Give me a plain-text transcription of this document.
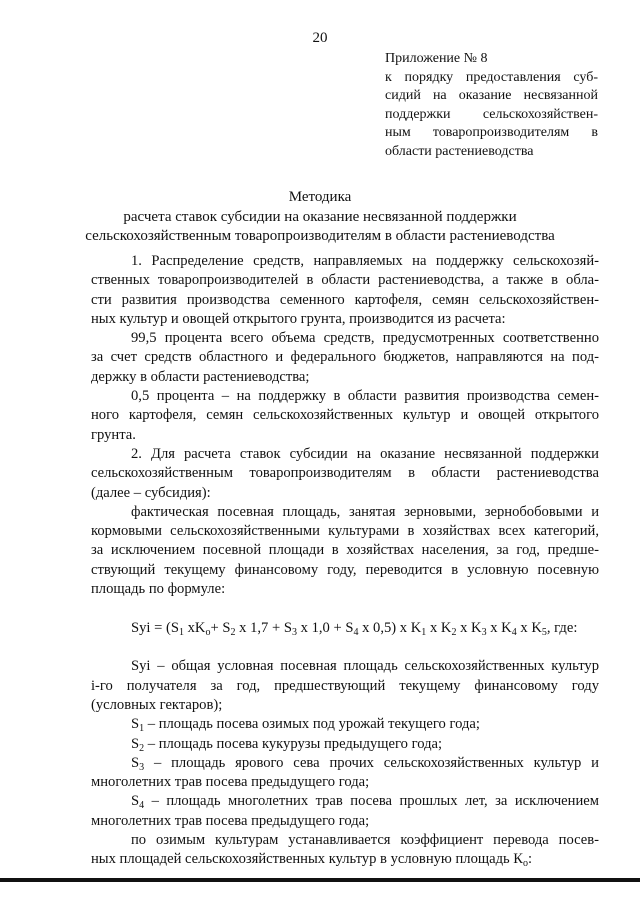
20
Приложение № 8
к порядку предоставления суб-
сидий на оказание несвязанной
поддержки сельскохозяйствен-
ным товаропроизводителям в
области растениеводства
Методика
расчета ставок субсидии на оказание несвязанной поддержки
сельскохозяйственным товаропроизводителям в области растениеводства
1. Распределение средств, направляемых на поддержку сельскохозяй-
ственных товаропроизводителей в области растениеводства, а также в обла-
сти развития производства семенного картофеля, семян сельскохозяйствен-
ных культур и овощей открытого грунта, производится из расчета:
99,5 процента всего объема средств, предусмотренных соответственно
за счет средств областного и федерального бюджетов, направляются на под-
держку в области растениеводства;
0,5 процента – на поддержку в области развития производства семен-
ного картофеля, семян сельскохозяйственных культур и овощей открытого
грунта.
2. Для расчета ставок субсидии на оказание несвязанной поддержки
сельскохозяйственным товаропроизводителям в области растениеводства
(далее – субсидия):
фактическая посевная площадь, занятая зерновыми, зернобобовыми и
кормовыми сельскохозяйственными культурами в хозяйствах всех категорий,
за исключением посевной площади в хозяйствах населения, за год, предше-
ствующий текущему финансовому году, переводится в условную посевную
площадь по формуле:
Syi = ($S_1$ $xK_o+ S_2$ x $1,7 + S_3$ x $1,0 + S_4$ x 0,5) x $K_1$ x $K_2$ x $K_3$ x $K_4$ x $K_5$, где:
Syi – общая условная посевная площадь сельскохозяйственных культур
i-го получателя за год, предшествующий текущему финансовому году
(условных гектаров);
$S_1$ – площадь посева озимых под урожай текущего года;
$S_2$ – площадь посева кукурузы предыдущего года;
$S_3$ – площадь ярового сева прочих сельскохозяйственных культур и
многолетних трав посева предыдущего года;
$S_4$ – площадь многолетних трав посева прошлых лет, за исключением
многолетних трав посева предыдущего года;
по озимым культурам устанавливается коэффициент перевода посев-
ных площадей сельскохозяйственных культур в условную площадь $К_о$:
